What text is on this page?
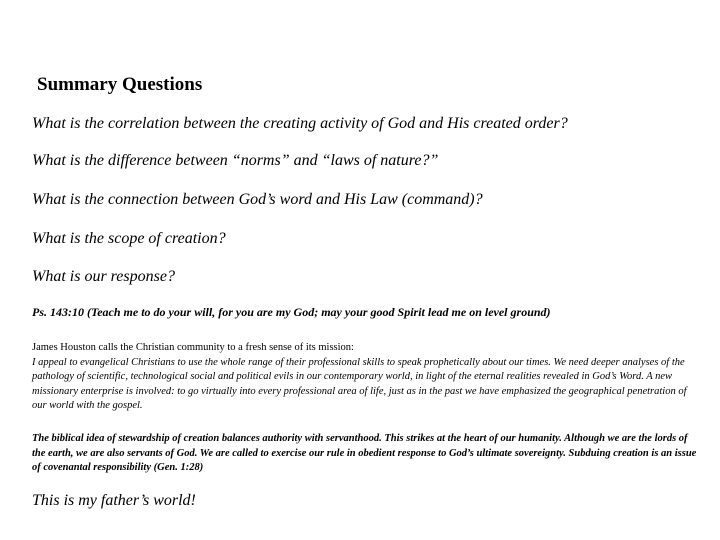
Summary Questions
What is the correlation between the creating activity of God and His created order?
What is the difference between “norms” and “laws of nature?”
What is the connection between God’s word and His Law (command)?
What is the scope of creation?
What is our response?
Ps. 143:10 (Teach me to do your will, for you are my God; may your good Spirit lead me on level ground)
James Houston calls the Christian community to a fresh sense of its mission:
I appeal to evangelical Christians to use the whole range of their professional skills to speak prophetically about our times. We need deeper analyses of the pathology of scientific, technological social and political evils in our contemporary world, in light of the eternal realities revealed in God’s Word. A new missionary enterprise is involved: to go virtually into every professional area of life, just as in the past we have emphasized the geographical penetration of our world with the gospel.
The biblical idea of stewardship of creation balances authority with servanthood. This strikes at the heart of our humanity. Although we are the lords of the earth, we are also servants of God. We are called to exercise our rule in obedient response to God’s ultimate sovereignty. Subduing creation is an issue of covenantal responsibility (Gen. 1:28)
This is my father’s world!
